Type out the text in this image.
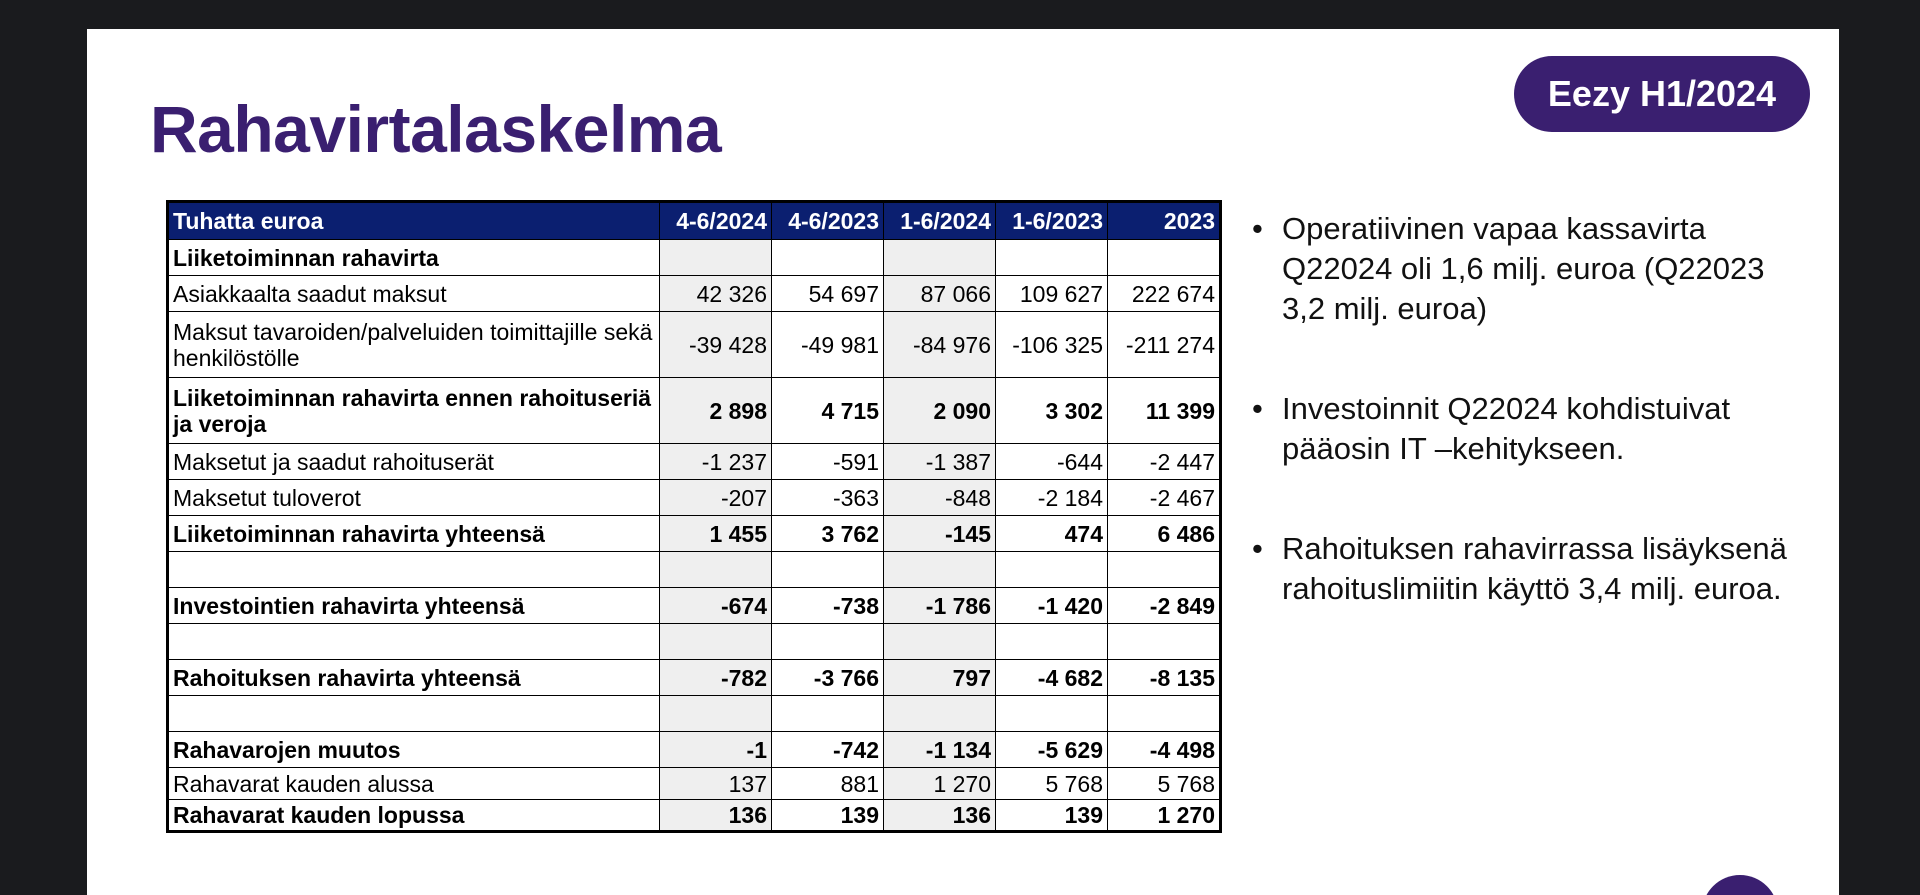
Rahavirtalaskelma	Eezy H1/2024
Tuhatta euroa	4-6/2024	4-6/2023	1-6/2024	1-6/2023	2023
Liiketoiminnan rahavirta					
Asiakkaalta saadut maksut	42 326	54 697	87 066	109 627	222 674
Maksut tavaroiden/palveluiden toimittajille sekä henkilöstölle	-39 428	-49 981	-84 976	-106 325	-211 274
Liiketoiminnan rahavirta ennen rahoituseriä ja veroja	2 898	4 715	2 090	3 302	11 399
Maksetut ja saadut rahoituserät	-1 237	-591	-1 387	-644	-2 447
Maksetut tuloverot	-207	-363	-848	-2 184	-2 467
Liiketoiminnan rahavirta yhteensä	1 455	3 762	-145	474	6 486

Investointien rahavirta yhteensä	-674	-738	-1 786	-1 420	-2 849

Rahoituksen rahavirta yhteensä	-782	-3 766	797	-4 682	-8 135

Rahavarojen muutos	-1	-742	-1 134	-5 629	-4 498
Rahavarat kauden alussa	137	881	1 270	5 768	5 768
Rahavarat kauden lopussa	136	139	136	139	1 270
• Operatiivinen vapaa kassavirta Q22024 oli 1,6 milj. euroa (Q22023 3,2 milj. euroa)
• Investoinnit Q22024 kohdistuivat pääosin IT –kehitykseen.
• Rahoituksen rahavirrassa lisäyksenä rahoituslimiitin käyttö 3,4 milj. euroa.
